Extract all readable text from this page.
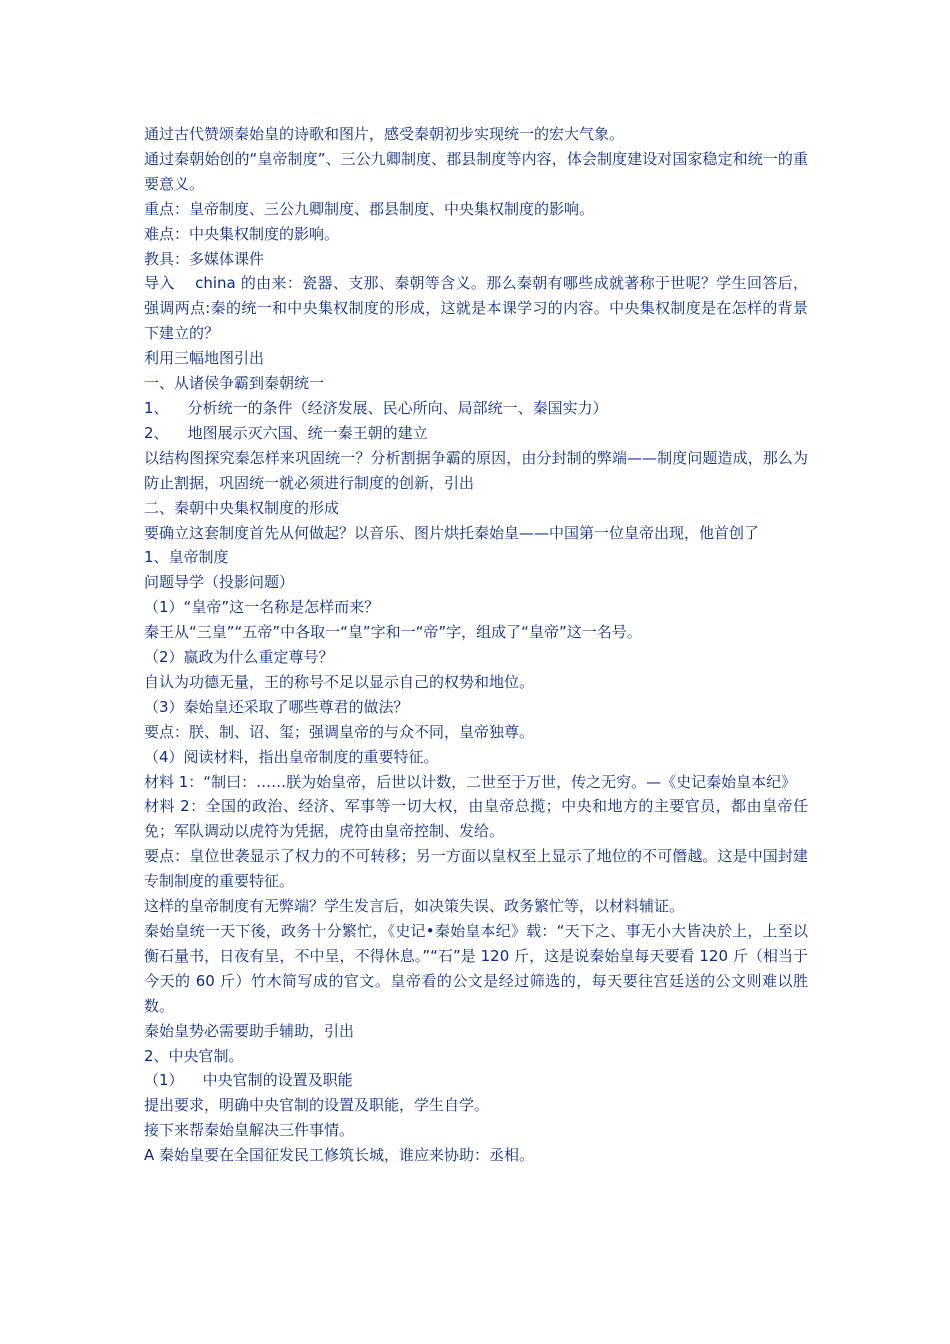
通过古代赞颂秦始皇的诗歌和图片，感受秦朝初步实现统一的宏大气象。

通过秦朝始创的“皇帝制度”、三公九卿制度、郡县制度等内容，体会制度建设对国家稳定和统一的重要意义。

重点：皇帝制度、三公九卿制度、郡县制度、中央集权制度的影响。

难点：中央集权制度的影响。

教具：多媒体课件

导入    china 的由来：瓷器、支那、秦朝等含义。那么秦朝有哪些成就著称于世呢？学生回答后，强调两点:秦的统一和中央集权制度的形成，这就是本课学习的内容。中央集权制度是在怎样的背景下建立的？

利用三幅地图引出

一、从诸侯争霸到秦朝统一

1、    分析统一的条件（经济发展、民心所向、局部统一、秦国实力）

2、    地图展示灭六国、统一秦王朝的建立

以结构图探究秦怎样来巩固统一？分析割据争霸的原因，由分封制的弊端——制度问题造成，那么为防止割据，巩固统一就必须进行制度的创新，引出

二、秦朝中央集权制度的形成

要确立这套制度首先从何做起？以音乐、图片烘托秦始皇——中国第一位皇帝出现，他首创了

1、皇帝制度

问题导学（投影问题）

（1）“皇帝”这一名称是怎样而来？

秦王从“三皇”“五帝”中各取一“皇”字和一“帝”字，组成了“皇帝”这一名号。

（2）嬴政为什么重定尊号？

自认为功德无量，王的称号不足以显示自己的权势和地位。

（3）秦始皇还采取了哪些尊君的做法？

要点：朕、制、诏、玺；强调皇帝的与众不同，皇帝独尊。

（4）阅读材料，指出皇帝制度的重要特征。

材料 1：“制曰：……朕为始皇帝，后世以计数，二世至于万世，传之无穷。—《史记秦始皇本纪》

材料 2：全国的政治、经济、军事等一切大权，由皇帝总揽；中央和地方的主要官员，都由皇帝任免；军队调动以虎符为凭据，虎符由皇帝控制、发给。

要点：皇位世袭显示了权力的不可转移；另一方面以皇权至上显示了地位的不可僭越。这是中国封建专制制度的重要特征。

这样的皇帝制度有无弊端？学生发言后，如决策失误、政务繁忙等，以材料辅证。

秦始皇统一天下後，政务十分繁忙，《史记•秦始皇本纪》载：“天下之、事无小大皆决於上，上至以衡石量书，日夜有呈，不中呈，不得休息。”“石”是 120 斤，这是说秦始皇每天要看 120 斤（相当于今天的 60 斤）竹木简写成的官文。皇帝看的公文是经过筛选的，每天要往宫廷送的公文则难以胜数。

秦始皇势必需要助手辅助，引出

2、中央官制。

（1）    中央官制的设置及职能

提出要求，明确中央官制的设置及职能，学生自学。

接下来帮秦始皇解决三件事情。

A 秦始皇要在全国征发民工修筑长城，谁应来协助：丞相。
